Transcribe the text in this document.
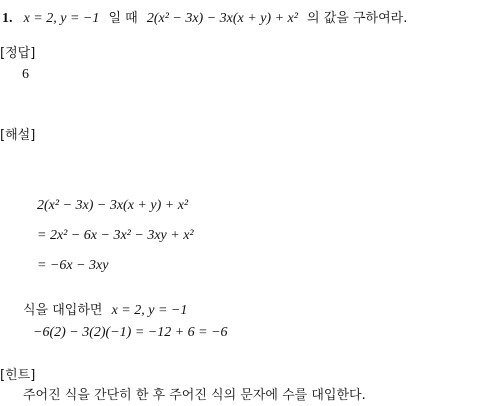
1. x = 2, y = −1 일 때 2(x² − 3x) − 3x(x + y) + x² 의 값을 구하여라.
[정답]
6
[해설]
2(x² − 3x) − 3x(x + y) + x²
= 2x² − 6x − 3x² − 3xy + x²
= −6x − 3xy
식을 대입하면 x = 2, y = −1
−6(2) − 3(2)(−1) = −12 + 6 = −6
[힌트]
주어진 식을 간단히 한 후 주어진 식의 문자에 수를 대입한다.
